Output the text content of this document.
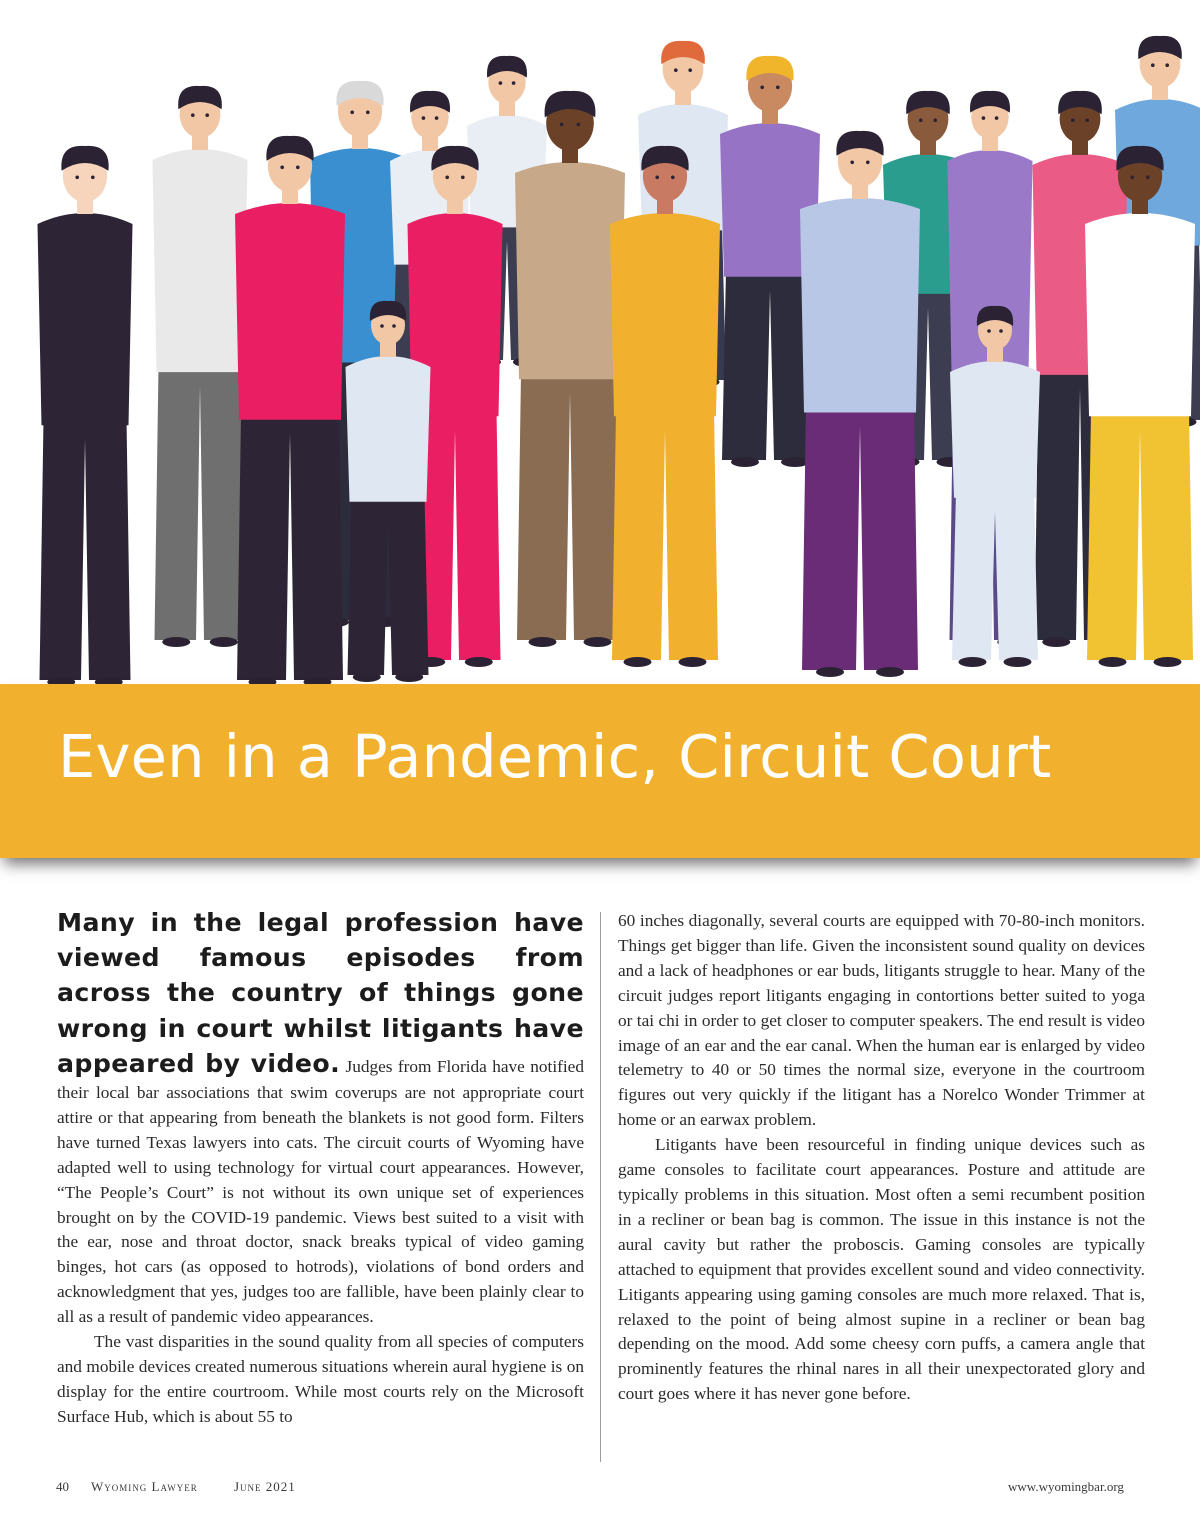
Even in a Pandemic, Circuit Court

Many in the legal profession have viewed famous episodes from across the country of things gone wrong in court whilst litigants have appeared by video. Judges from Florida have notified their local bar associations that swim coverups are not appropriate court attire or that appearing from beneath the blankets is not good form. Filters have turned Texas lawyers into cats. The circuit courts of Wyoming have adapted well to using technology for virtual court appearances. However, “The People’s Court” is not without its own unique set of experiences brought on by the COVID-19 pandemic. Views best suited to a visit with the ear, nose and throat doctor, snack breaks typical of video gaming binges, hot cars (as opposed to hotrods), violations of bond orders and acknowledgment that yes, judges too are fallible, have been plainly clear to all as a result of pandemic video appearances.

The vast disparities in the sound quality from all species of computers and mobile devices created numerous situations wherein aural hygiene is on display for the entire courtroom. While most courts rely on the Microsoft Surface Hub, which is about 55 to

60 inches diagonally, several courts are equipped with 70-80-inch monitors. Things get bigger than life. Given the inconsistent sound quality on devices and a lack of headphones or ear buds, litigants struggle to hear. Many of the circuit judges report litigants engaging in contortions better suited to yoga or tai chi in order to get closer to computer speakers. The end result is video image of an ear and the ear canal. When the human ear is enlarged by video telemetry to 40 or 50 times the normal size, everyone in the courtroom figures out very quickly if the litigant has a Norelco Wonder Trimmer at home or an earwax problem.

Litigants have been resourceful in finding unique devices such as game consoles to facilitate court appearances. Posture and attitude are typically problems in this situation. Most often a semi recumbent position in a recliner or bean bag is common. The issue in this instance is not the aural cavity but rather the proboscis. Gaming consoles are typically attached to equipment that provides excellent sound and video connectivity. Litigants appearing using gaming consoles are much more relaxed. That is, relaxed to the point of being almost supine in a recliner or bean bag depending on the mood. Add some cheesy corn puffs, a camera angle that prominently features the rhinal nares in all their unexpectorated glory and court goes where it has never gone before.

40	Wyoming Lawyer	June 2021	www.wyomingbar.org
